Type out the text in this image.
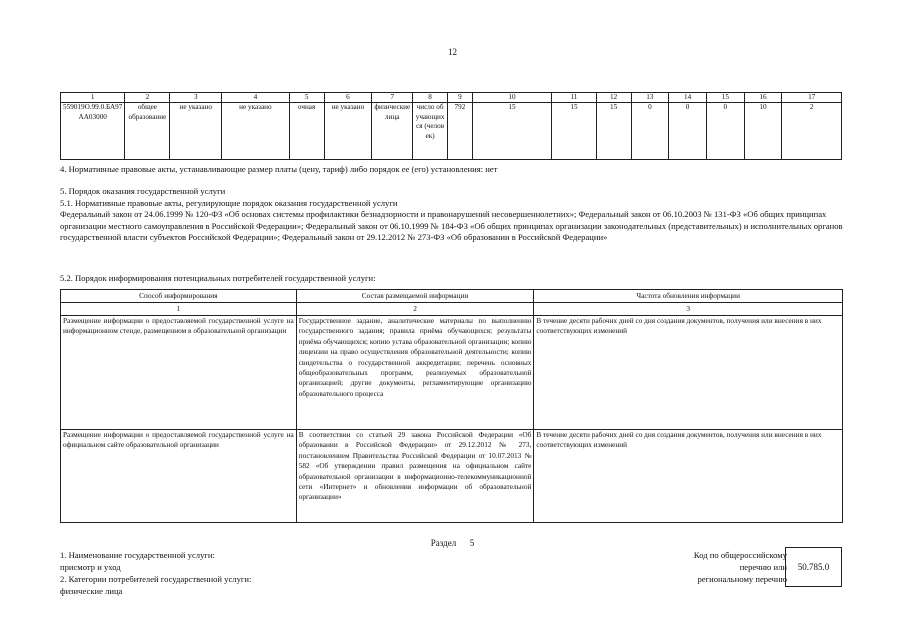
12
1	2	3	4	5	6	7	8	9	10	11	12	13	14	15	16	17
559019О.99.0.БА97АА03000	общее образование	не указано	не указано	очная	не указано	физические лица	число обучающихся (человек)	792	15	15	15	0	0	0	10	2
4. Нормативные правовые акты, устанавливающие размер платы (цену, тариф) либо порядок ее (его) установления: нет
5. Порядок оказания государственной услуги
5.1. Нормативные правовые акты, регулирующие порядок оказания государственной услуги
Федеральный закон от 24.06.1999 № 120-ФЗ «Об основах системы профилактики безнадзорности и правонарушений несовершеннолетних»; Федеральный закон от 06.10.2003 № 131-ФЗ «Об общих принципах организации местного самоуправления в Российской Федерации»; Федеральный закон от 06.10.1999 № 184-ФЗ «Об общих принципах организации законодательных (представительных) и исполнительных органов государственной власти субъектов Российской Федерации»; Федеральный закон от 29.12.2012 № 273-ФЗ «Об образовании в Российской Федерации»
5.2. Порядок информирования потенциальных потребителей государственной услуги:
Способ информирования	Состав размещаемой информации	Частота обновления информации
1	2	3
Размещение информации о предоставляемой государственной услуге на информационном стенде, размещенном в образовательной организации	Государственное задание, аналитические материалы по выполнению государственного задания; правила приёма обучающихся; результаты приёма обучающихся; копию устава образовательной организации; копию лицензии на право осуществления образовательной деятельности; копию свидетельства о государственной аккредитации; перечень основных общеобразовательных программ, реализуемых образовательной организацией; другие документы, регламентирующие организацию образовательного процесса	В течение десяти рабочих дней со дня создания документов, получения или внесения в них соответствующих изменений
Размещение информации о предоставляемой государственной услуге на официальном сайте образовательной организации	В соответствии со статьей 29 закона Российской Федерации «Об образовании в Российской Федерации» от 29.12.2012 № 273, постановлением Правительства Российской Федерации от 10.07.2013 № 582 «Об утверждении правил размещения на официальном сайте образовательной организации в информационно-телекоммуникационной сети «Интернет» и обновления информации об образовательной организации»	В течение десяти рабочих дней со дня создания документов, получения или внесения в них соответствующих изменений
Раздел 5
1. Наименование государственной услуги:
присмотр и уход
2. Категории потребителей государственной услуги:
физические лица
Код по общероссийскому
перечню или
региональному перечню
50.785.0
